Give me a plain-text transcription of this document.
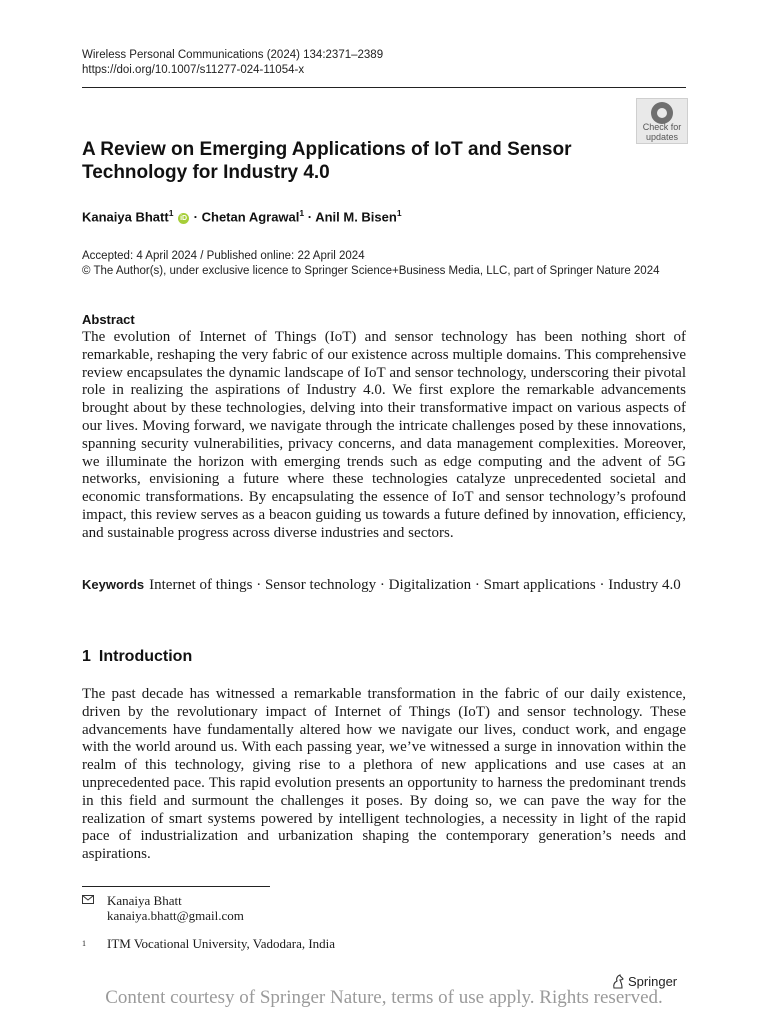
Wireless Personal Communications (2024) 134:2371–2389
https://doi.org/10.1007/s11277-024-11054-x
Check for
updates
A Review on Emerging Applications of IoT and Sensor Technology for Industry 4.0
Kanaiya Bhatt$^1$ iD · Chetan Agrawal$^1$ · Anil M. Bisen$^1$
Accepted: 4 April 2024 / Published online: 22 April 2024
© The Author(s), under exclusive licence to Springer Science+Business Media, LLC, part of Springer Nature 2024
Abstract
The evolution of Internet of Things (IoT) and sensor technology has been nothing short of remarkable, reshaping the very fabric of our existence across multiple domains. This comprehensive review encapsulates the dynamic landscape of IoT and sensor technology, underscoring their pivotal role in realizing the aspirations of Industry 4.0. We first explore the remarkable advancements brought about by these technologies, delving into their transformative impact on various aspects of our lives. Moving forward, we navigate through the intricate challenges posed by these innovations, spanning security vulnerabilities, privacy concerns, and data management complexities. Moreover, we illuminate the horizon with emerging trends such as edge computing and the advent of 5G networks, envisioning a future where these technologies catalyze unprecedented societal and economic transformations. By encapsulating the essence of IoT and sensor technology’s profound impact, this review serves as a beacon guiding us towards a future defined by innovation, efficiency, and sustainable progress across diverse industries and sectors.
Keywords Internet of things · Sensor technology · Digitalization · Smart applications · Industry 4.0
1 Introduction
The past decade has witnessed a remarkable transformation in the fabric of our daily existence, driven by the revolutionary impact of Internet of Things (IoT) and sensor technology. These advancements have fundamentally altered how we navigate our lives, conduct work, and engage with the world around us. With each passing year, we’ve witnessed a surge in innovation within the realm of this technology, giving rise to a plethora of new applications and use cases at an unprecedented pace. This rapid evolution presents an opportunity to harness the predominant trends in this field and surmount the challenges it poses. By doing so, we can pave the way for the realization of smart systems powered by intelligent technologies, a necessity in light of the rapid pace of industrialization and urbanization shaping the contemporary generation’s needs and aspirations.
Kanaiya Bhatt
kanaiya.bhatt@gmail.com
$^1$ ITM Vocational University, Vadodara, India
Springer
Content courtesy of Springer Nature, terms of use apply. Rights reserved.
